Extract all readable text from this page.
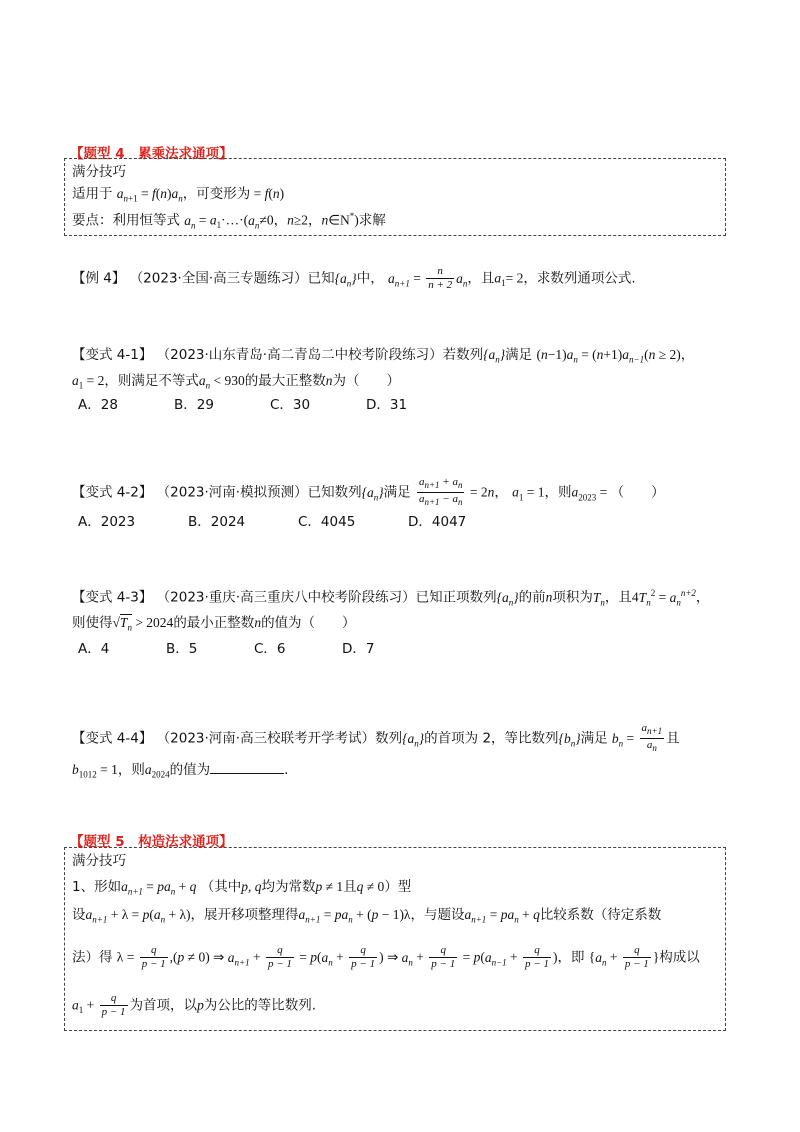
【题型 4　累乘法求通项】
满分技巧
适用于 $a_{n+1} = f(n)a_n$，可变形为 = f(n)
要点：利用恒等式 $a_n$ = $a_1\cdot\dots\cdot(a_n\ne 0$，n≥2，n∈N*)求解
【例 4】 （2023·全国·高三专题练习）已知$\{a_n\}$中， $a_{n+1} = \frac{n}{n + 2} a_n$，且$a_1= 2$，求数列通项公式.
【变式 4-1】 （2023·山东青岛·高二青岛二中校考阶段练习）若数列$\{a_n\}$满足 $(n-1)a_n = (n+1)a_{n-1}(n \ge 2)$，
$a_1 = 2$，则满足不等式$a_n < 930$的最大正整数n为（　　）
A．28	B．29	C．30	D．31
【变式 4-2】 （2023·河南·模拟预测）已知数列$\{a_n\}$满足 $\frac{a_{n+1} + a_n}{a_{n+1} - a_n} = 2n$， $a_1 = 1$，则$a_{2023}$ = （　　）
A．2023	B．2024	C．4045	D．4047
【变式 4-3】 （2023·重庆·高三重庆八中校考阶段练习）已知正项数列$\{a_n\}$的前n项积为$T_n$，且$4T_n^2 = a_n^{n+2}$，
则使得$√T_n > 2024$的最小正整数n的值为（　　）
A．4	B．5	C．6	D．7
【变式 4-4】 （2023·河南·高三校联考开学考试）数列$\{a_n\}$的首项为 2，等比数列$\{b_n\}$满足 $b_n = \frac{a_{n+1}}{a_n}$ 且
$b_{1012} = 1$，则$a_{2024}$的值为	.
【题型 5　构造法求通项】
满分技巧
1、形如$a_{n+1} = pa_n + q$ （其中p, q均为常数p ≠ 1且q ≠ 0）型
设$a_{n+1} + \lambda = p(a_n + \lambda)$，展开移项整理得$a_{n+1} = pa_n + (p - 1)\lambda$，与题设$a_{n+1} = pa_n + q$比较系数（待定系数
法）得 $\lambda = \frac{q}{p - 1} ,(p \ne 0)$ ⇒ $a_{n+1} + \frac{q}{p - 1} = p(a_n + \frac{q}{p - 1}$ ) ⇒ $a_n + \frac{q}{p - 1} = p(a_{n-1} + \frac{q}{p - 1}$ )，即 {$a_n + \frac{q}{p - 1}$ }构成以
$a_1 + \frac{q}{p - 1}$ 为首项，以p为公比的等比数列.
